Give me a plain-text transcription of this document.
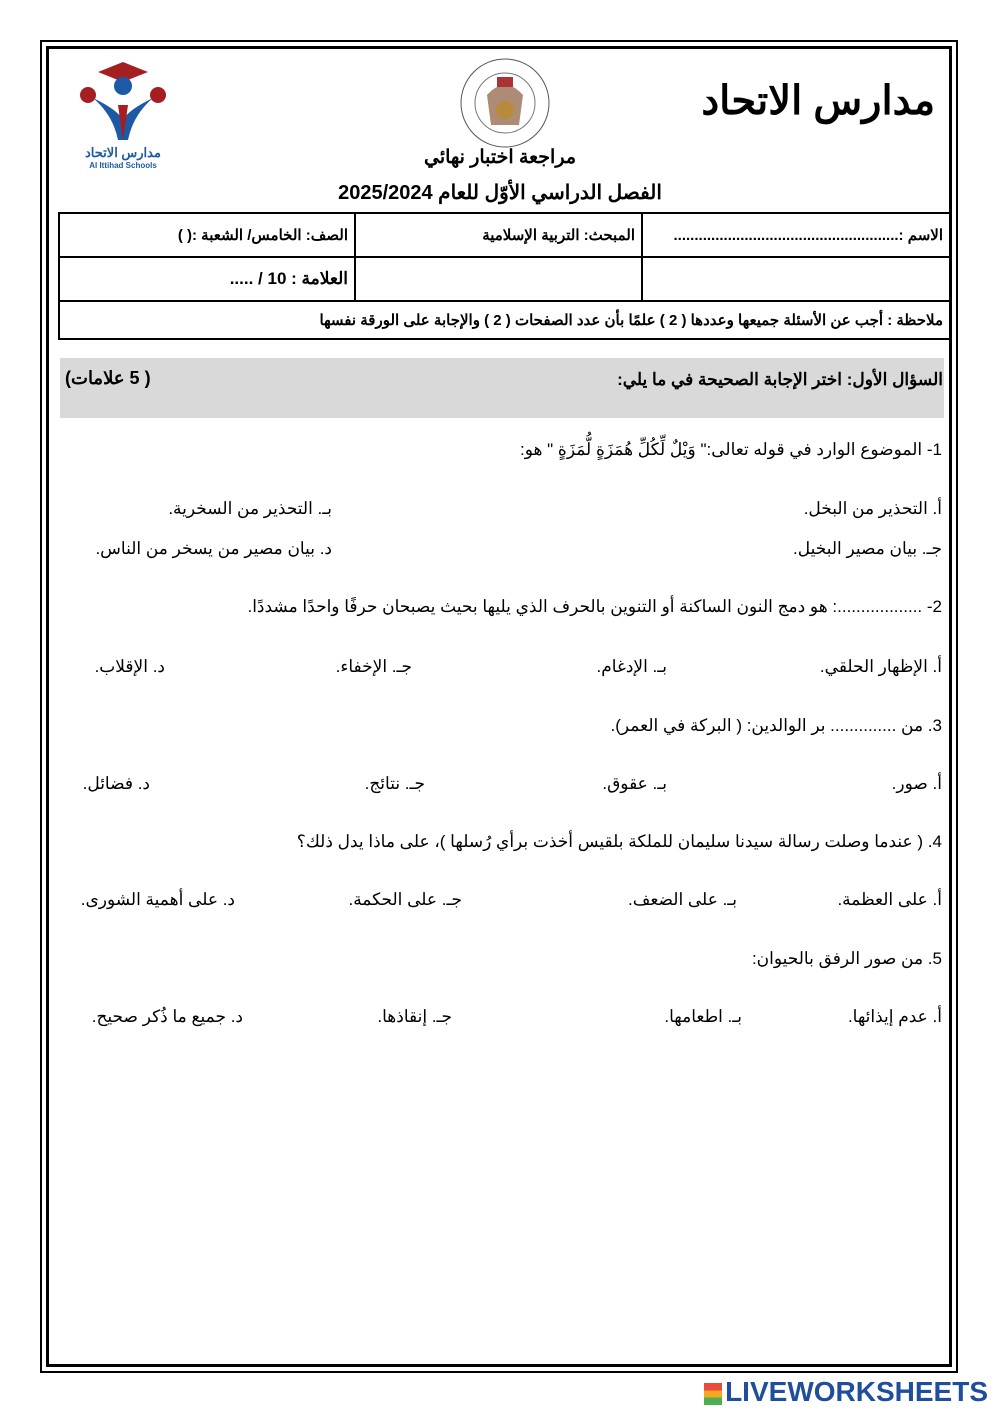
مدارس الاتحاد
مدارس الاتحاد
Al Ittihad Schools	مراجعة اختبار نهائي
الفصل الدراسي الأوّل للعام 2025/2024
الاسم :......................................................
المبحث: التربية الإسلامية
الصف: الخامس/ الشعبة :( )
العلامة : 10 / .....
ملاحظة : أجب عن الأسئلة جميعها وعددها ( 2 ) علمًا بأن عدد الصفحات ( 2 ) والإجابة على الورقة نفسها
السؤال الأول: اختر الإجابة الصحيحة في ما يلي:
( 5 علامات)
1- الموضوع الوارد في قوله تعالى:" وَيْلٌ لِّكُلِّ هُمَزَةٍ لُّمَزَةٍ " هو:
أ. التحذير من البخل.
بـ. التحذير من السخرية.
جـ. بيان مصير البخيل.
د. بيان مصير من يسخر من الناس.
2- ..................: هو دمج النون الساكنة أو التنوين بالحرف الذي يليها بحيث يصبحان حرفًا واحدًا مشددًا.
أ. الإظهار الحلقي.
بـ. الإدغام.
جـ. الإخفاء.
د. الإقلاب.
3. من .............. بر الوالدين: ( البركة في العمر).
أ. صور.
بـ. عقوق.
جـ. نتائج.
د. فضائل.
4. ( عندما وصلت رسالة سيدنا سليمان للملكة بلقيس أخذت برأي رُسلها )، على ماذا يدل ذلك؟
أ. على العظمة.
بـ. على الضعف.
جـ. على الحكمة.
د. على أهمية الشورى.
5. من صور الرفق بالحيوان:
أ. عدم إيذائها.
بـ. اطعامها.
جـ. إنقاذها.
د. جميع ما ذُكر صحيح.
LIVEWORKSHEETS
